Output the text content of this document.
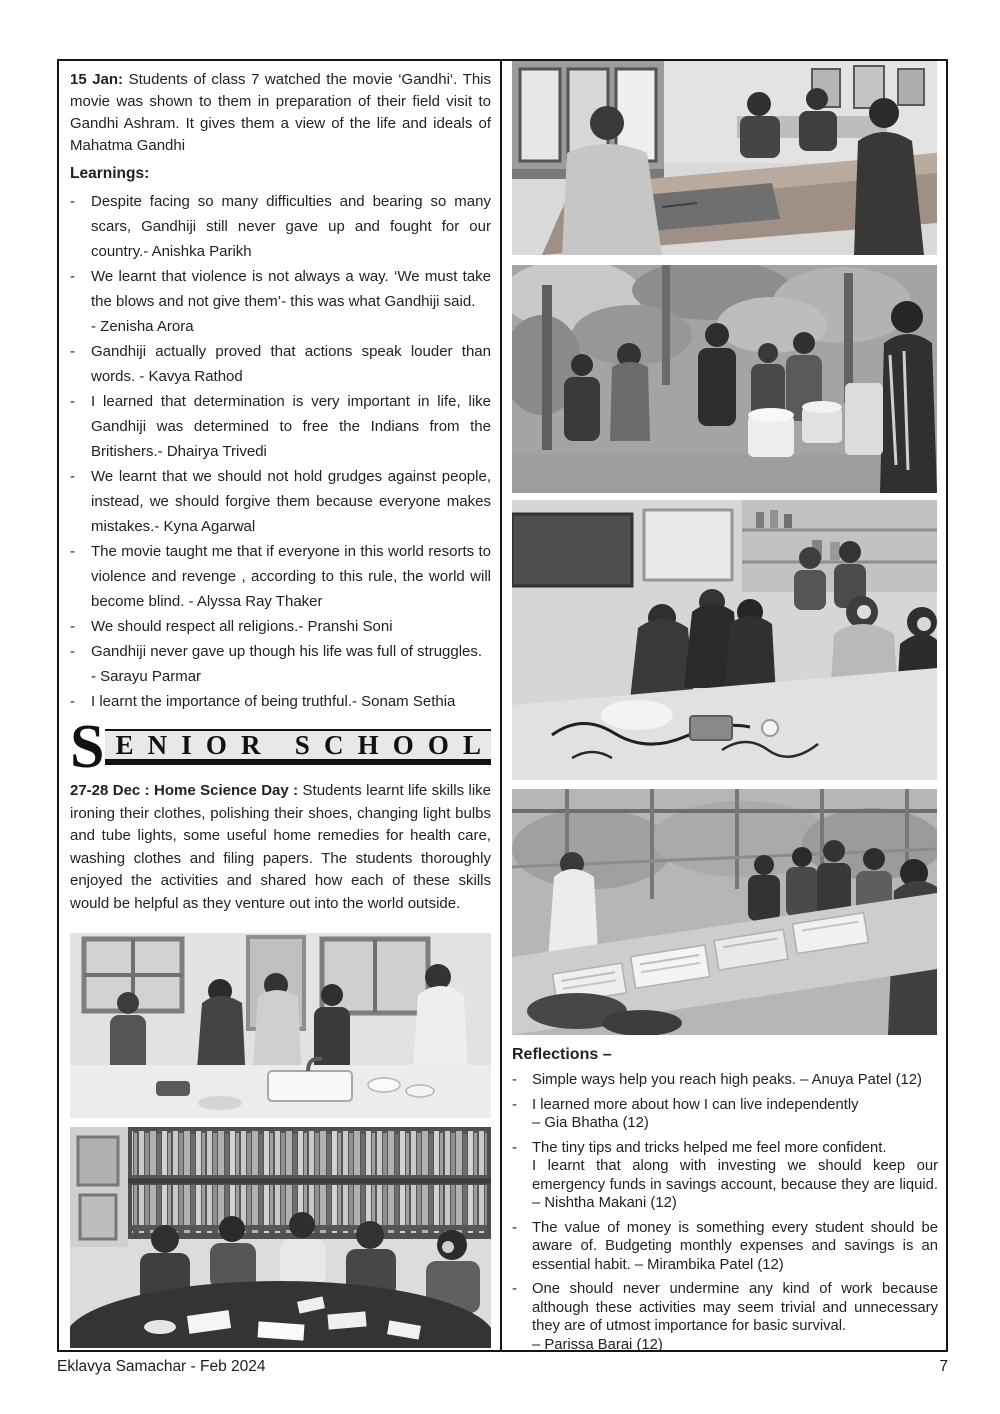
15 Jan: Students of class 7 watched the movie ‘Gandhi‘. This movie was shown to them in preparation of their field visit to Gandhi Ashram. It gives them a view of the life and ideals of Mahatma Gandhi

Learnings:
-	Despite facing so many difficulties and bearing so many scars, Gandhiji still never gave up and fought for our country.- Anishka Parikh
-	We learnt that violence is not always a way. ‘We must take the blows and not give them’- this was what Gandhiji said.
- Zenisha Arora
-	Gandhiji actually proved that actions speak louder than words. - Kavya Rathod
-	I learned that determination is very important in life, like Gandhiji was determined to free the Indians from the Britishers.- Dhairya Trivedi
-	We learnt that we should not hold grudges against people, instead, we should forgive them because everyone makes mistakes.- Kyna Agarwal
-	The movie taught me that if everyone in this world resorts to violence and revenge , according to this rule, the world will become blind. - Alyssa Ray Thaker
-	We should respect all religions.- Pranshi Soni
-	Gandhiji never gave up though his life was full of struggles.
- Sarayu Parmar
-	I learnt the importance of being truthful.- Sonam Sethia
S E N I O R
S C H O O L

27-28 Dec : Home Science Day : Students learnt life skills like ironing their clothes, polishing their shoes, changing light bulbs and tube lights, some useful home remedies for health care, washing clothes and filing papers. The students thoroughly enjoyed the activities and shared how each of these skills would be helpful as they venture out into the world outside.

Reflections –
-	Simple ways help you reach high peaks. – Anuya Patel (12)
-	I learned more about how I can live independently
– Gia Bhatha (12)
-	The tiny tips and tricks helped me feel more confident.
I learnt that along with investing we should keep our emergency funds in savings account, because they are liquid. – Nishtha Makani (12)
-	The value of money is something every student should be aware of. Budgeting monthly expenses and savings is an essential habit. – Mirambika Patel (12)
-	One should never undermine any kind of work because although these activities may seem trivial and unnecessary they are of utmost importance for basic survival.
– Parissa Barai (12)
Eklavya Samachar - Feb 2024	7
